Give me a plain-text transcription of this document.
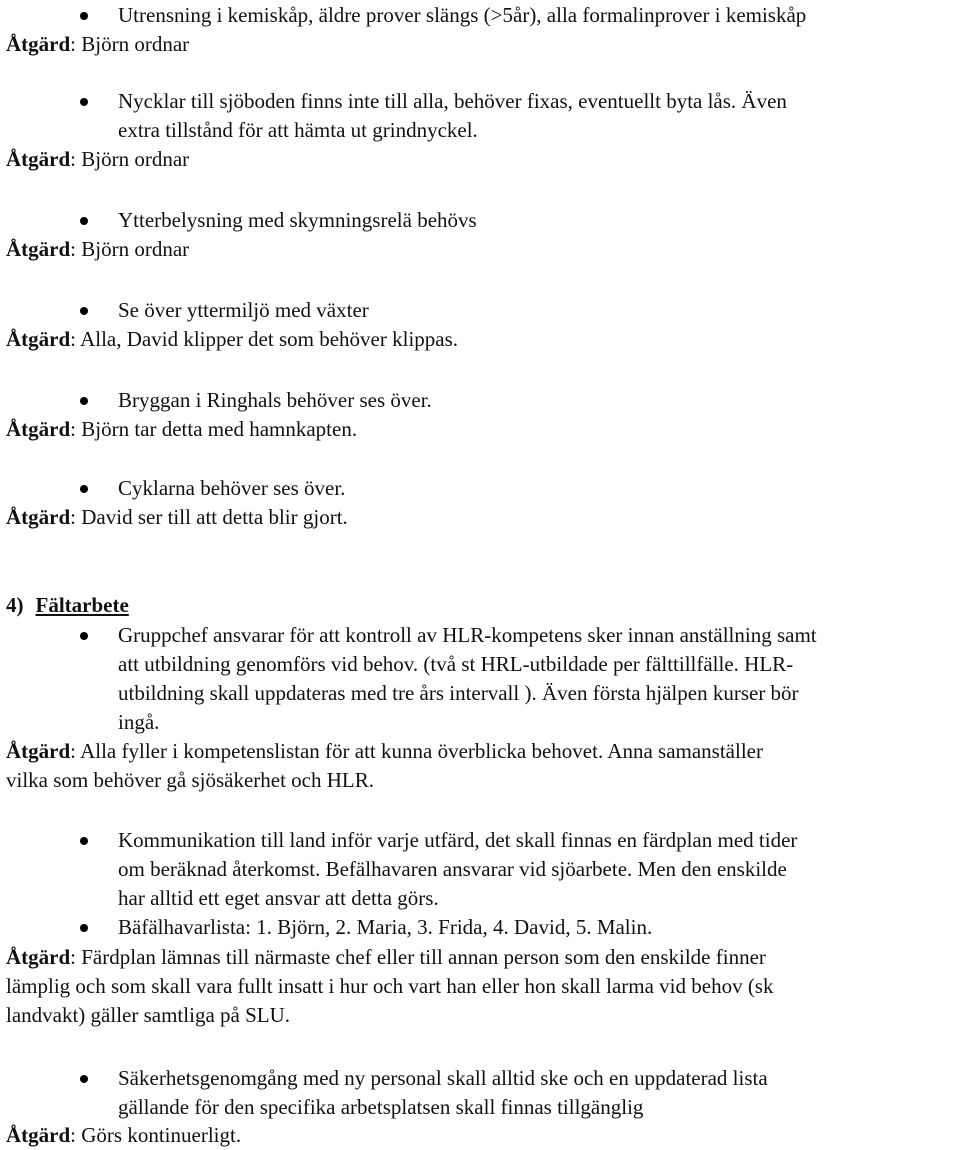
Utrensning i kemiskåp, äldre prover slängs (>5år), alla formalinprover i kemiskåp
Åtgärd: Björn ordnar
Nycklar till sjöboden finns inte till alla, behöver fixas, eventuellt byta lås. Även
extra tillstånd för att hämta ut grindnyckel.
Åtgärd: Björn ordnar
Ytterbelysning med skymningsrelä behövs
Åtgärd: Björn ordnar
Se över yttermiljö med växter
Åtgärd: Alla, David klipper det som behöver klippas.
Bryggan i Ringhals behöver ses över.
Åtgärd: Björn tar detta med hamnkapten.
Cyklarna behöver ses över.
Åtgärd: David ser till att detta blir gjort.
4) Fältarbete
Gruppchef ansvarar för att kontroll av HLR-kompetens sker innan anställning samt
att utbildning genomförs vid behov. (två st HRL-utbildade per fälttillfälle. HLR-
utbildning skall uppdateras med tre års intervall ). Även första hjälpen kurser bör
ingå.
Åtgärd: Alla fyller i kompetenslistan för att kunna överblicka behovet. Anna samanställer
vilka som behöver gå sjösäkerhet och HLR.
Kommunikation till land inför varje utfärd, det skall finnas en färdplan med tider
om beräknad återkomst. Befälhavaren ansvarar vid sjöarbete. Men den enskilde
har alltid ett eget ansvar att detta görs.
Bäfälhavarlista: 1. Björn, 2. Maria, 3. Frida, 4. David, 5. Malin.
Åtgärd: Färdplan lämnas till närmaste chef eller till annan person som den enskilde finner
lämplig och som skall vara fullt insatt i hur och vart han eller hon skall larma vid behov (sk
landvakt) gäller samtliga på SLU.
Säkerhetsgenomgång med ny personal skall alltid ske och en uppdaterad lista
gällande för den specifika arbetsplatsen skall finnas tillgänglig
Åtgärd: Görs kontinuerligt.
